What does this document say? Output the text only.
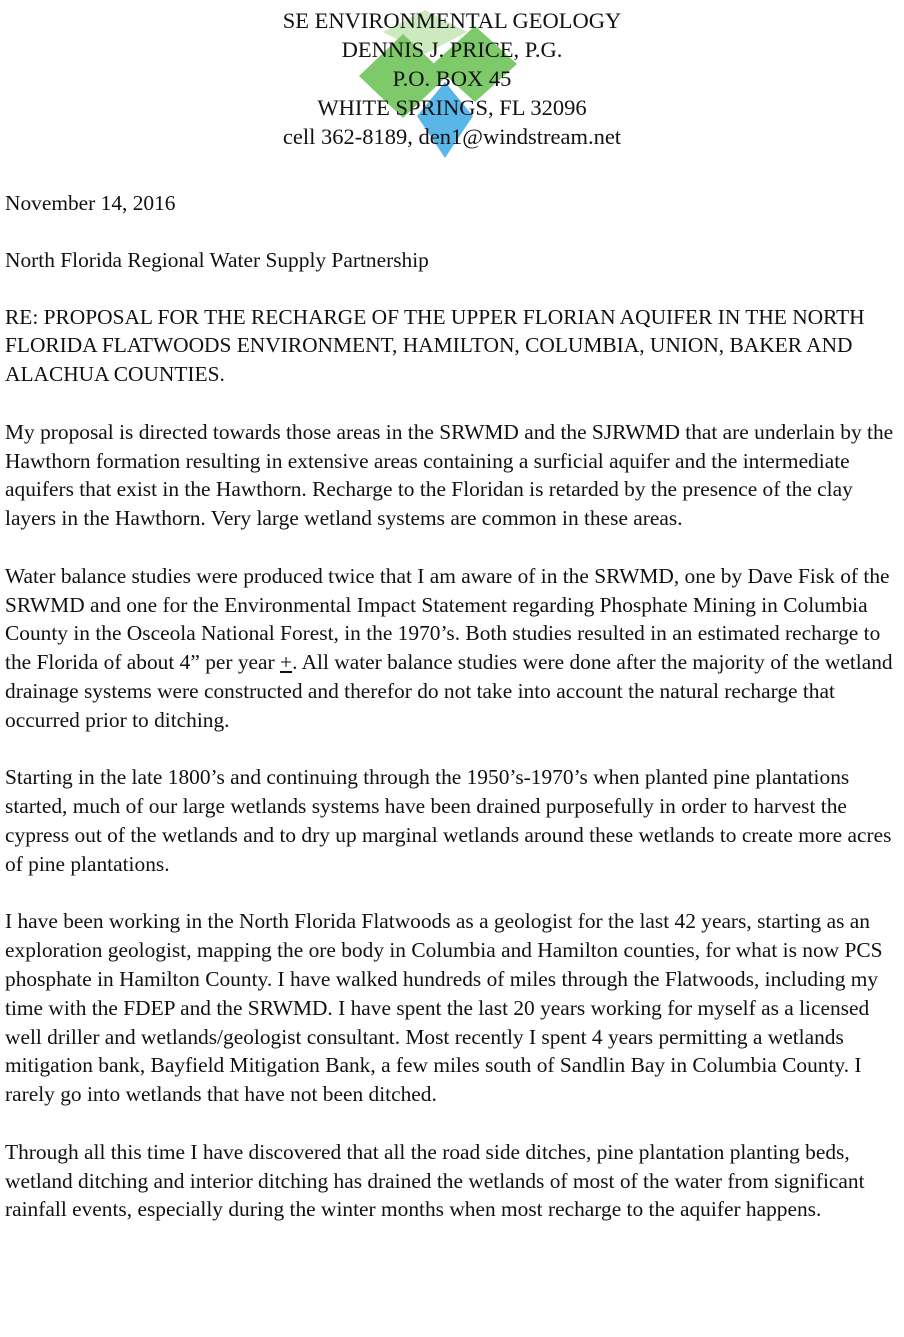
SE ENVIRONMENTAL GEOLOGY
DENNIS J. PRICE, P.G.
P.O. BOX 45
WHITE SPRINGS, FL 32096
cell 362-8189, den1@windstream.net
November 14, 2016
North Florida Regional Water Supply Partnership
RE: PROPOSAL FOR THE RECHARGE OF THE UPPER FLORIAN AQUIFER IN THE NORTH FLORIDA FLATWOODS ENVIRONMENT, HAMILTON, COLUMBIA, UNION, BAKER AND ALACHUA COUNTIES.
My proposal is directed towards those areas in the SRWMD and the SJRWMD that are underlain by the Hawthorn formation resulting in extensive areas containing a surficial aquifer and the intermediate aquifers that exist in the Hawthorn. Recharge to the Floridan is retarded by the presence of the clay layers in the Hawthorn. Very large wetland systems are common in these areas.
Water balance studies were produced twice that I am aware of in the SRWMD, one by Dave Fisk of the SRWMD and one for the Environmental Impact Statement regarding Phosphate Mining in Columbia County in the Osceola National Forest, in the 1970’s. Both studies resulted in an estimated recharge to the Florida of about 4” per year +. All water balance studies were done after the majority of the wetland drainage systems were constructed and therefor do not take into account the natural recharge that occurred prior to ditching.
Starting in the late 1800’s and continuing through the 1950’s-1970’s when planted pine plantations started, much of our large wetlands systems have been drained purposefully in order to harvest the cypress out of the wetlands and to dry up marginal wetlands around these wetlands to create more acres of pine plantations.
I have been working in the North Florida Flatwoods as a geologist for the last 42 years, starting as an exploration geologist, mapping the ore body in Columbia and Hamilton counties, for what is now PCS phosphate in Hamilton County. I have walked hundreds of miles through the Flatwoods, including my time with the FDEP and the SRWMD. I have spent the last 20 years working for myself as a licensed well driller and wetlands/geologist consultant. Most recently I spent 4 years permitting a wetlands mitigation bank, Bayfield Mitigation Bank, a few miles south of Sandlin Bay in Columbia County. I rarely go into wetlands that have not been ditched.
Through all this time I have discovered that all the road side ditches, pine plantation planting beds, wetland ditching and interior ditching has drained the wetlands of most of the water from significant rainfall events, especially during the winter months when most recharge to the aquifer happens.
